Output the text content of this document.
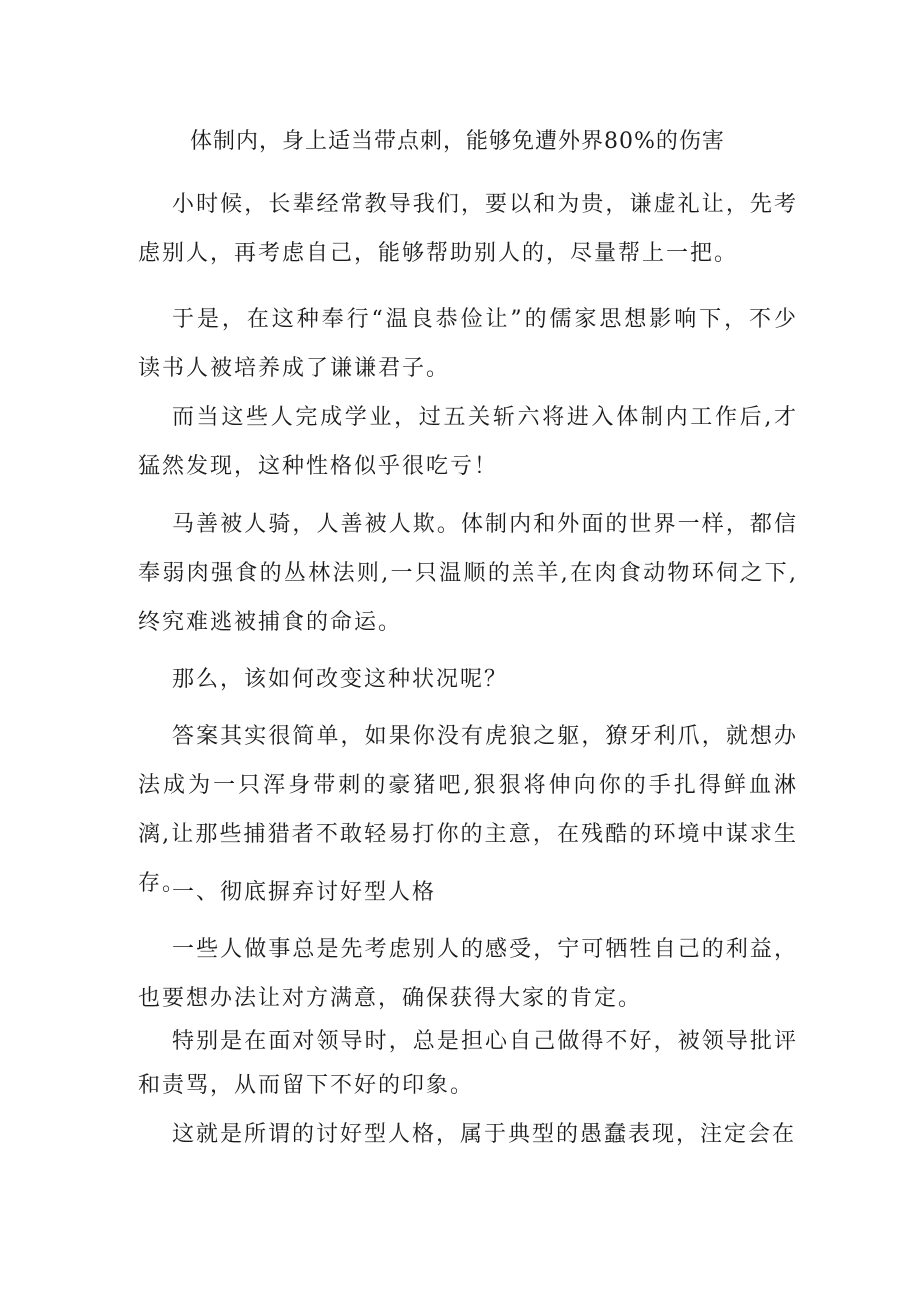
体制内，身上适当带点刺，能够免遭外界80%的伤害

小时候，长辈经常教导我们，要以和为贵，谦虚礼让，先考虑别人，再考虑自己，能够帮助别人的，尽量帮上一把。

于是，在这种奉行“温良恭俭让”的儒家思想影响下，不少读书人被培养成了谦谦君子。

而当这些人完成学业，过五关斩六将进入体制内工作后,才猛然发现，这种性格似乎很吃亏！

马善被人骑，人善被人欺。体制内和外面的世界一样，都信奉弱肉强食的丛林法则,一只温顺的羔羊,在肉食动物环伺之下,终究难逃被捕食的命运。

那么，该如何改变这种状况呢？

答案其实很简单，如果你没有虎狼之躯，獠牙利爪，就想办法成为一只浑身带刺的豪猪吧,狠狠将伸向你的手扎得鲜血淋漓,让那些捕猎者不敢轻易打你的主意，在残酷的环境中谋求生存。

一、彻底摒弃讨好型人格

一些人做事总是先考虑别人的感受，宁可牺牲自己的利益，也要想办法让对方满意，确保获得大家的肯定。

特别是在面对领导时，总是担心自己做得不好，被领导批评和责骂，从而留下不好的印象。

这就是所谓的讨好型人格，属于典型的愚蠢表现，注定会在
